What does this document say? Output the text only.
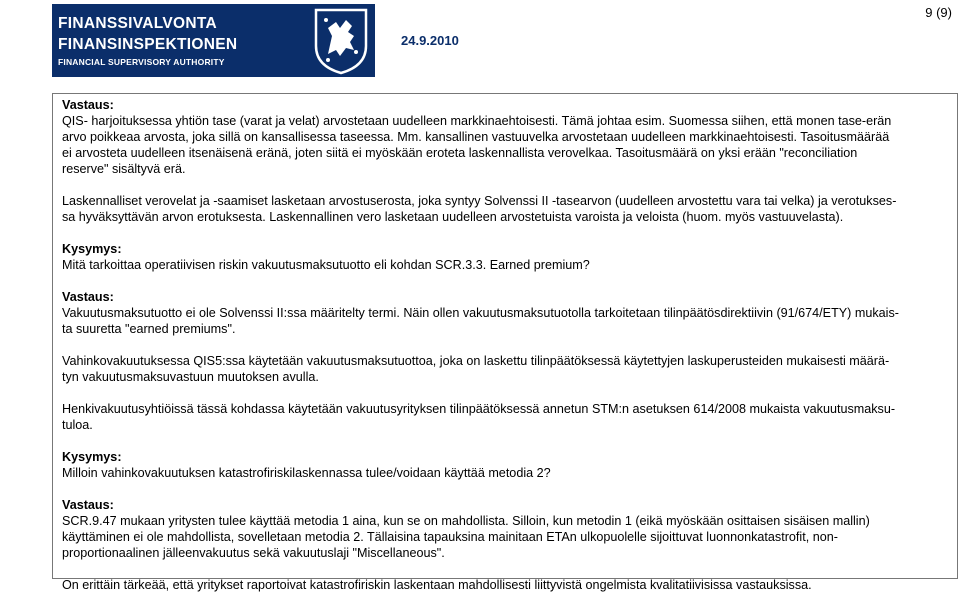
FINANSSIVALVONTA
FINANSINSPEKTIONEN
FINANCIAL SUPERVISORY AUTHORITY
24.9.2010
9 (9)

Vastaus:

QIS- harjoituksessa yhtiön tase (varat ja velat) arvostetaan uudelleen markkinaehtoisesti. Tämä johtaa esim. Suomessa siihen, että monen tase-erän

arvo poikkeaa arvosta, joka sillä on kansallisessa taseessa. Mm. kansallinen vastuuvelka arvostetaan uudelleen markkinaehtoisesti. Tasoitusmäärää

ei arvosteta uudelleen itsenäisenä eränä, joten siitä ei myöskään eroteta laskennallista verovelkaa. Tasoitusmäärä on yksi erään "reconciliation

reserve" sisältyvä erä.

Laskennalliset verovelat ja -saamiset lasketaan arvostuserosta, joka syntyy Solvenssi II -tasearvon (uudelleen arvostettu vara tai velka) ja verotukses-

sa hyväksyttävän arvon erotuksesta. Laskennallinen vero lasketaan uudelleen arvostetuista varoista ja veloista (huom. myös vastuuvelasta).

Kysymys:

Mitä tarkoittaa operatiivisen riskin vakuutusmaksutuotto eli kohdan SCR.3.3. Earned premium?

Vastaus:

Vakuutusmaksutuotto ei ole Solvenssi II:ssa määritelty termi. Näin ollen vakuutusmaksutuotolla tarkoitetaan tilinpäätösdirektiivin (91/674/ETY) mukais-

ta suuretta "earned premiums".

Vahinkovakuutuksessa QIS5:ssa käytetään vakuutusmaksutuottoa, joka on laskettu tilinpäätöksessä käytettyjen laskuperusteiden mukaisesti määrä-

tyn vakuutusmaksuvastuun muutoksen avulla.

Henkivakuutusyhtiöissä tässä kohdassa käytetään vakuutusyrityksen tilinpäätöksessä annetun STM:n asetuksen 614/2008 mukaista vakuutusmaksu-

tuloa.

Kysymys:

Milloin vahinkovakuutuksen katastrofiriskilaskennassa tulee/voidaan käyttää metodia 2?

Vastaus:

SCR.9.47 mukaan yritysten tulee käyttää metodia 1 aina, kun se on mahdollista. Silloin, kun metodin 1 (eikä myöskään osittaisen sisäisen mallin)

käyttäminen ei ole mahdollista, sovelletaan metodia 2. Tällaisina tapauksina mainitaan ETAn ulkopuolelle sijoittuvat luonnonkatastrofit, non-

proportionaalinen jälleenvakuutus sekä vakuutuslaji "Miscellaneous".

On erittäin tärkeää, että yritykset raportoivat katastrofiriskin laskentaan mahdollisesti liittyvistä ongelmista kvalitatiivisissa vastauksissa.
